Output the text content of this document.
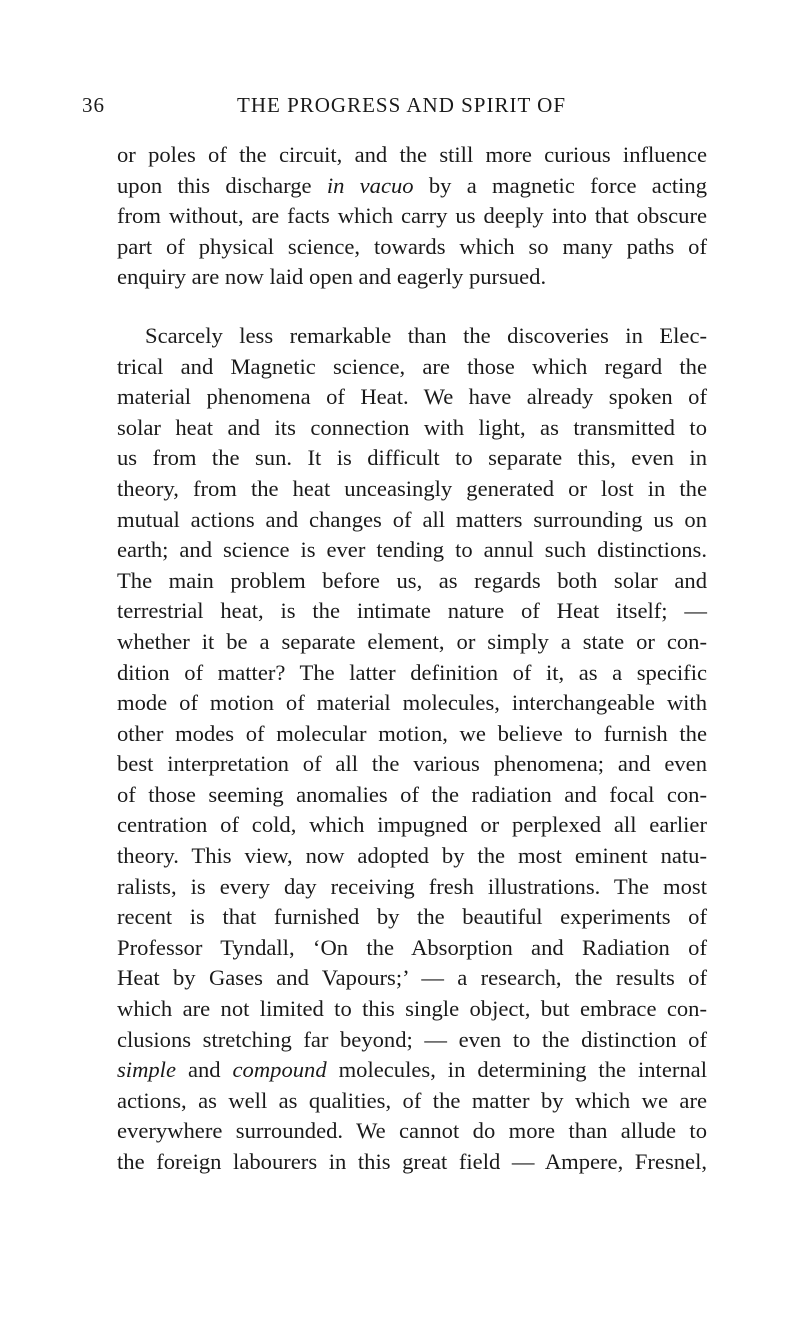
36	THE PROGRESS AND SPIRIT OF
or poles of the circuit, and the still more curious influence
upon this discharge in vacuo by a magnetic force acting
from without, are facts which carry us deeply into that obscure
part of physical science, towards which so many paths of
enquiry are now laid open and eagerly pursued.
Scarcely less remarkable than the discoveries in Elec-
trical and Magnetic science, are those which regard the
material phenomena of Heat. We have already spoken of
solar heat and its connection with light, as transmitted to
us from the sun. It is difficult to separate this, even in
theory, from the heat unceasingly generated or lost in the
mutual actions and changes of all matters surrounding us on
earth; and science is ever tending to annul such distinctions.
The main problem before us, as regards both solar and
terrestrial heat, is the intimate nature of Heat itself; —
whether it be a separate element, or simply a state or con-
dition of matter? The latter definition of it, as a specific
mode of motion of material molecules, interchangeable with
other modes of molecular motion, we believe to furnish the
best interpretation of all the various phenomena; and even
of those seeming anomalies of the radiation and focal con-
centration of cold, which impugned or perplexed all earlier
theory. This view, now adopted by the most eminent natu-
ralists, is every day receiving fresh illustrations. The most
recent is that furnished by the beautiful experiments of
Professor Tyndall, ‘On the Absorption and Radiation of
Heat by Gases and Vapours;’ — a research, the results of
which are not limited to this single object, but embrace con-
clusions stretching far beyond; — even to the distinction of
simple and compound molecules, in determining the internal
actions, as well as qualities, of the matter by which we are
everywhere surrounded. We cannot do more than allude to
the foreign labourers in this great field — Ampere, Fresnel,
